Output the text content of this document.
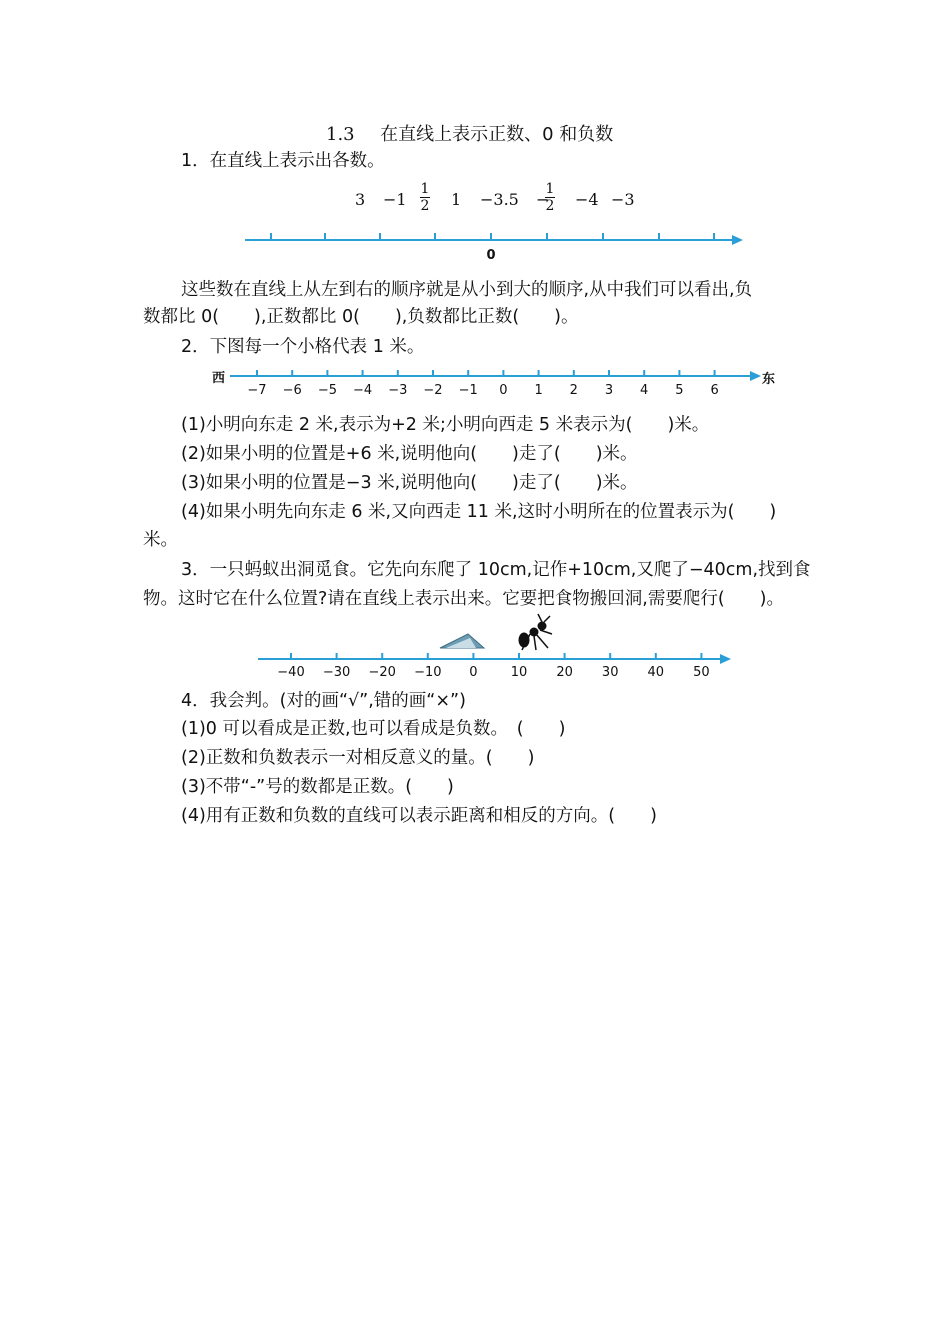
1.3 在直线上表示正数、0 和负数
1．在直线上表示出各数。
3 −1
1
2 1 −3.5 −
1
2 −4 −3
0
这些数在直线上从左到右的顺序就是从小到大的顺序,从中我们可以看出,负
数都比 0(　　),正数都比 0(　　),负数都比正数(　　)。
2．下图每一个小格代表 1 米。
西	东
−7 −6 −5 −4 −3 −2 −1 0 1 2 3 4 5 6
(1)小明向东走 2 米,表示为+2 米;小明向西走 5 米表示为(　　)米。
(2)如果小明的位置是+6 米,说明他向(　　)走了(　　)米。
(3)如果小明的位置是−3 米,说明他向(　　)走了(　　)米。
(4)如果小明先向东走 6 米,又向西走 11 米,这时小明所在的位置表示为(　　)
米。
3．一只蚂蚁出洞觅食。它先向东爬了 10cm,记作+10cm,又爬了−40cm,找到食
物。这时它在什么位置?请在直线上表示出来。它要把食物搬回洞,需要爬行(　　)。
−40 −30 −20 −10 0	10 20 30 40 50
4．我会判。(对的画“√”,错的画“×”)
(1)0 可以看成是正数,也可以看成是负数。　(　　)
(2)正数和负数表示一对相反意义的量。(　　)
(3)不带“-”号的数都是正数。(　　)
(4)用有正数和负数的直线可以表示距离和相反的方向。(　　)
